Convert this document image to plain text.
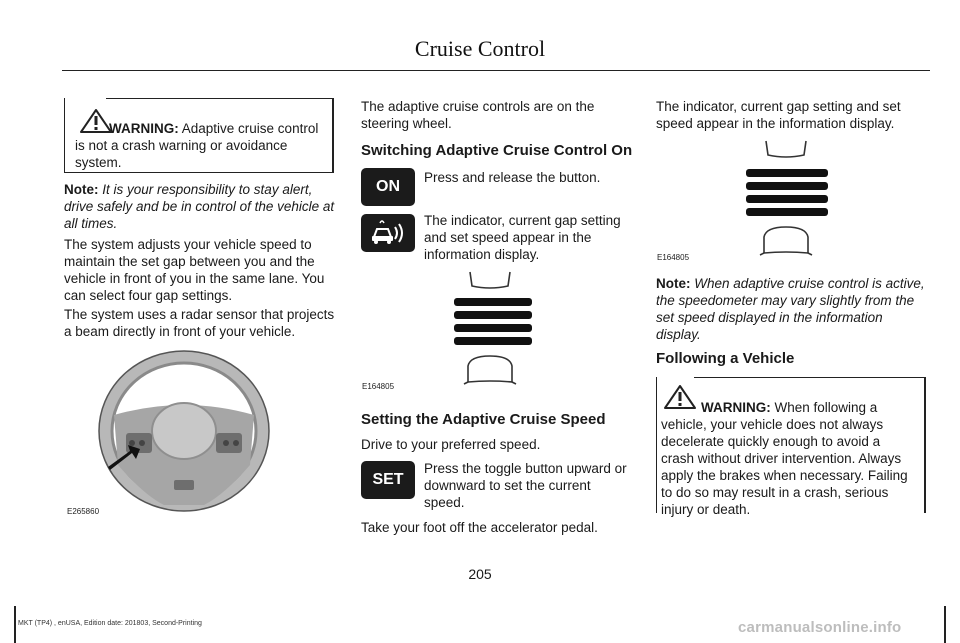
Cruise Control

WARNING: Adaptive cruise control is not a crash warning or avoidance system.

Note: It is your responsibility to stay alert, drive safely and be in control of the vehicle at all times.

The system adjusts your vehicle speed to maintain the set gap between you and the vehicle in front of you in the same lane. You can select four gap settings.

The system uses a radar sensor that projects a beam directly in front of your vehicle.

E265860

The adaptive cruise controls are on the steering wheel.

Switching Adaptive Cruise Control On

ON

Press and release the button.

The indicator, current gap setting and set speed appear in the information display.

E164805

Setting the Adaptive Cruise Speed

Drive to your preferred speed.

SET

Press the toggle button upward or downward to set the current speed.

Take your foot off the accelerator pedal.

The indicator, current gap setting and set speed appear in the information display.

E164805

Note: When adaptive cruise control is active, the speedometer may vary slightly from the set speed displayed in the information display.

Following a Vehicle

WARNING: When following a vehicle, your vehicle does not always decelerate quickly enough to avoid a crash without driver intervention. Always apply the brakes when necessary. Failing to do so may result in a crash, serious injury or death.

205
MKT (TP4) , enUSA, Edition date: 201803, Second-Printing	carmanualsonline.info
